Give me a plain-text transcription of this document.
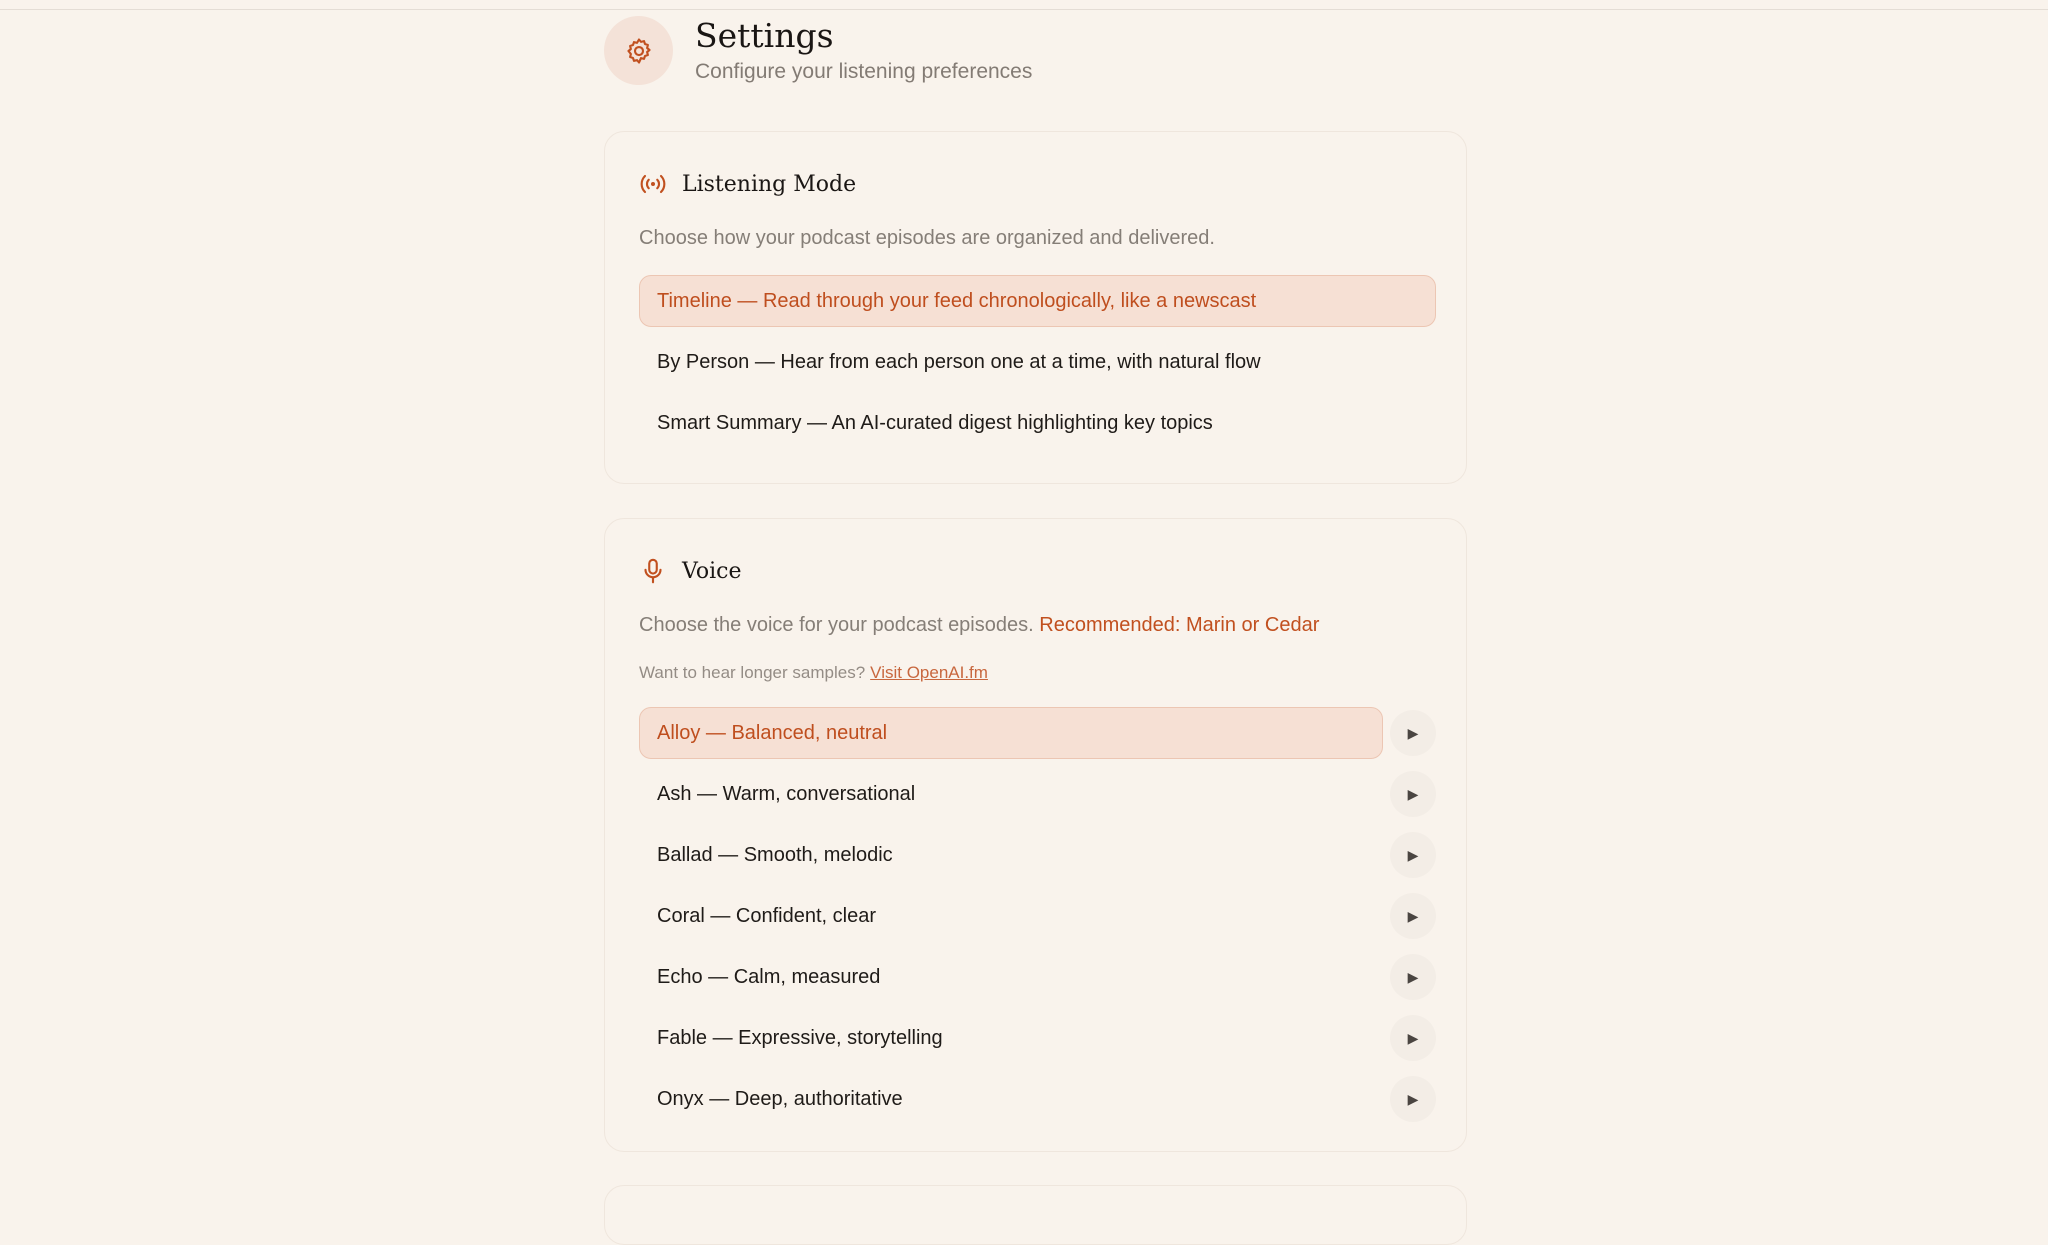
Settings
Configure your listening preferences
Listening Mode
Choose how your podcast episodes are organized and delivered.
Timeline — Read through your feed chronologically, like a newscast
By Person — Hear from each person one at a time, with natural flow
Smart Summary — An AI-curated digest highlighting key topics
Voice
Choose the voice for your podcast episodes. Recommended: Marin or Cedar
Want to hear longer samples? Visit OpenAI.fm
Alloy — Balanced, neutral	▶
Ash — Warm, conversational	▶
Ballad — Smooth, melodic	▶
Coral — Confident, clear	▶
Echo — Calm, measured	▶
Fable — Expressive, storytelling	▶
Onyx — Deep, authoritative	▶
